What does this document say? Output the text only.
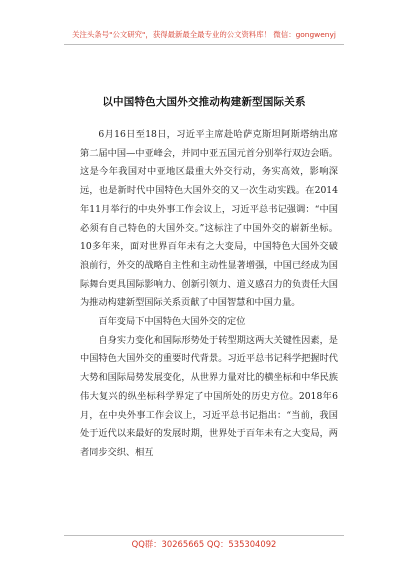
关注头条号"公文研究"，获得最新最全最专业的公文资料库！ 微信：gongwenyj
以中国特色大国外交推动构建新型国际关系

6月16日至18日，习近平主席赴哈萨克斯坦阿斯塔纳出席第二届中国—中亚峰会，并同中亚五国元首分别举行双边会晤。这是今年我国对中亚地区最重大外交行动，务实高效，影响深远，也是新时代中国特色大国外交的又一次生动实践。在2014年11月举行的中央外事工作会议上，习近平总书记强调：“中国必须有自己特色的大国外交。”这标注了中国外交的崭新坐标。10多年来，面对世界百年未有之大变局，中国特色大国外交破浪前行，外交的战略自主性和主动性显著增强，中国已经成为国际舞台更具国际影响力、创新引领力、道义感召力的负责任大国为推动构建新型国际关系贡献了中国智慧和中国力量。

百年变局下中国特色大国外交的定位

自身实力变化和国际形势处于转型期这两大关键性因素，是中国特色大国外交的重要时代背景。习近平总书记科学把握时代大势和国际局势发展变化，从世界力量对比的横坐标和中华民族伟大复兴的纵坐标科学界定了中国所处的历史方位。2018年6月，在中央外事工作会议上，习近平总书记指出：“当前，我国处于近代以来最好的发展时期，世界处于百年未有之大变局，两者同步交织、相互

QQ群：30265665 QQ：535304092
